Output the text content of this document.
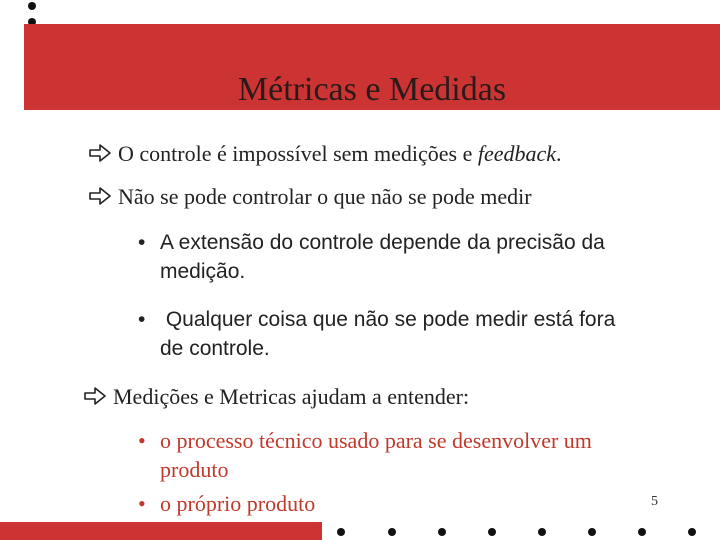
Métricas e Medidas
O controle é impossível sem medições e feedback.
Não se pode controlar o que não se pode medir
• A extensão do controle depende da precisão da
medição.
• Qualquer coisa que não se pode medir está fora
de controle.
Medições e Metricas ajudam a entender:
• o processo técnico usado para se desenvolver um
produto
• o próprio produto	5
